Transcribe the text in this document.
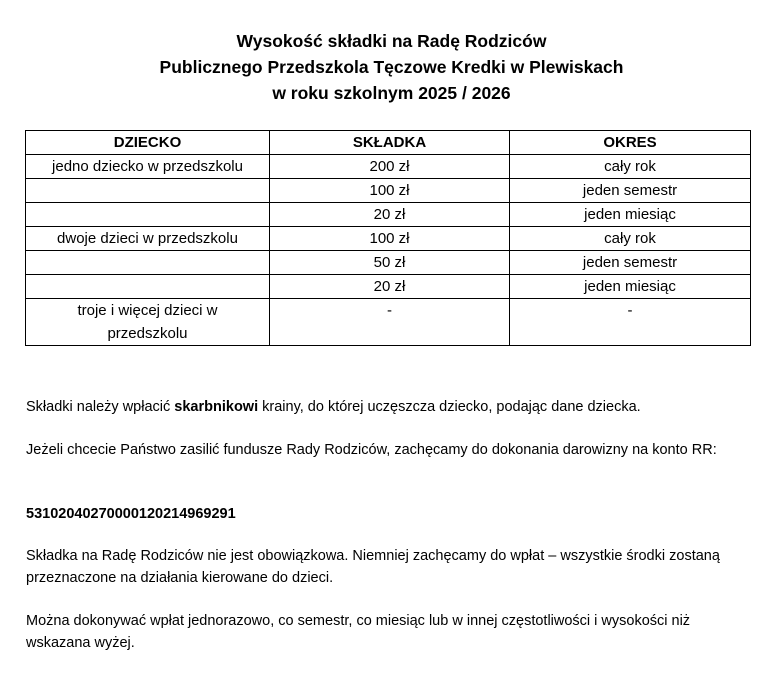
Wysokość składki na Radę Rodziców
Publicznego Przedszkola Tęczowe Kredki w Plewiskach
w roku szkolnym 2025 / 2026
DZIECKO	SKŁADKA	OKRES
jedno dziecko w przedszkolu	200 zł	cały rok
	100 zł	jeden semestr
	20 zł	jeden miesiąc
dwoje dzieci w przedszkolu	100 zł	cały rok
	50 zł	jeden semestr
	20 zł	jeden miesiąc
troje i więcej dzieci w przedszkolu	-	-
Składki należy wpłacić skarbnikowi krainy, do której uczęszcza dziecko, podając dane dziecka.
Jeżeli chcecie Państwo zasilić fundusze Rady Rodziców, zachęcamy do dokonania darowizny na konto RR:
53102040270000120214969291
Składka na Radę Rodziców nie jest obowiązkowa. Niemniej zachęcamy do wpłat – wszystkie środki zostaną przeznaczone na działania kierowane do dzieci.
Można dokonywać wpłat jednorazowo, co semestr, co miesiąc lub w innej częstotliwości i wysokości niż wskazana wyżej.
